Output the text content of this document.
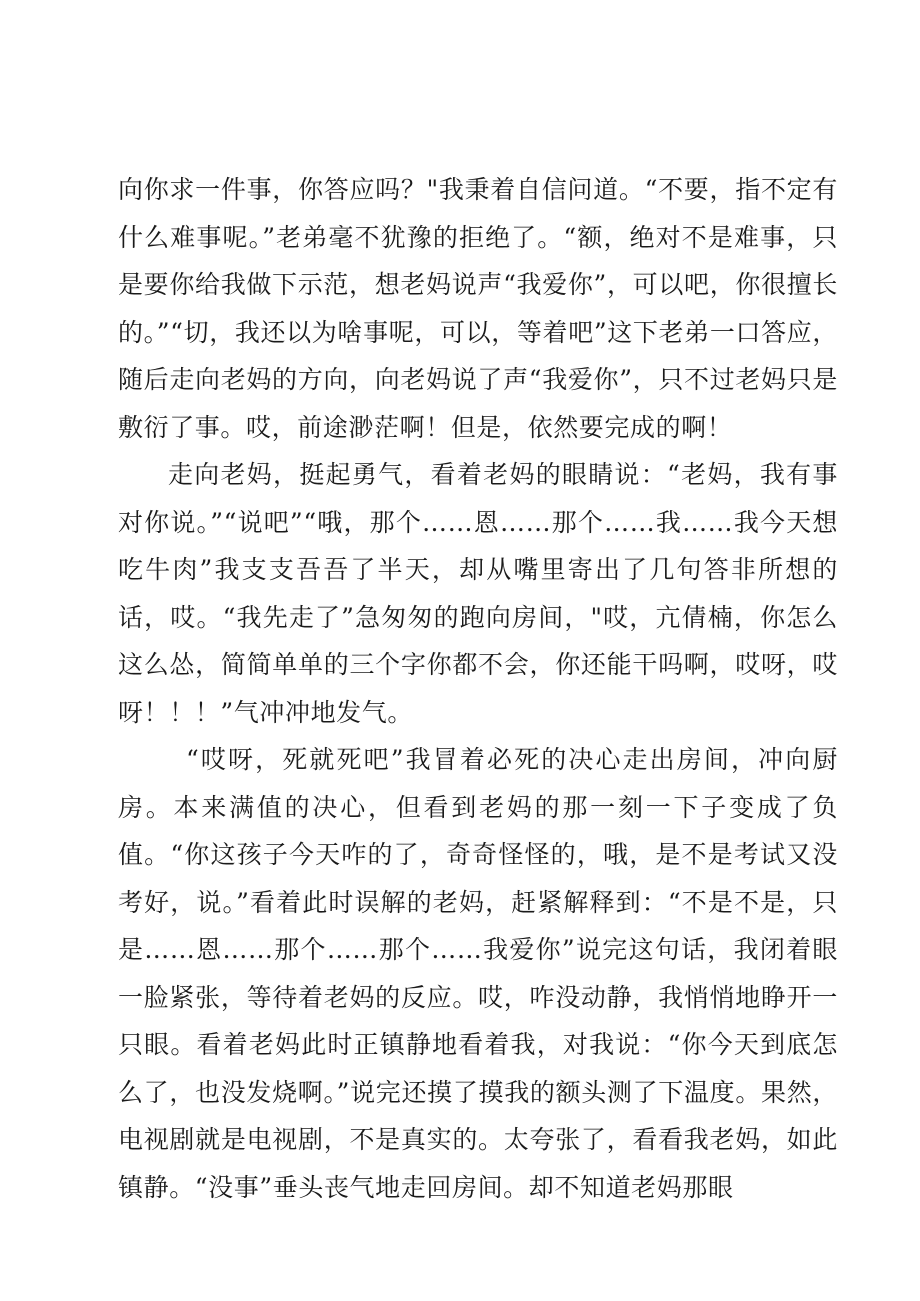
向你求一件事，你答应吗？"我秉着自信问道。“不要，指不定有什么难事呢。”老弟毫不犹豫的拒绝了。“额，绝对不是难事，只是要你给我做下示范，想老妈说声“我爱你”，可以吧，你很擅长的。”“切，我还以为啥事呢，可以，等着吧”这下老弟一口答应，随后走向老妈的方向，向老妈说了声“我爱你”，只不过老妈只是敷衍了事。哎，前途渺茫啊！但是，依然要完成的啊！

走向老妈，挺起勇气，看着老妈的眼睛说：“老妈，我有事对你说。”“说吧”“哦，那个……恩……那个……我……我今天想吃牛肉”我支支吾吾了半天，却从嘴里寄出了几句答非所想的话，哎。“我先走了”急匆匆的跑向房间，"哎，亢倩楠，你怎么这么怂，简简单单的三个字你都不会，你还能干吗啊，哎呀，哎呀！！！”气冲冲地发气。

“哎呀，死就死吧”我冒着必死的决心走出房间，冲向厨房。本来满值的决心，但看到老妈的那一刻一下子变成了负值。“你这孩子今天咋的了，奇奇怪怪的，哦，是不是考试又没考好，说。”看着此时误解的老妈，赶紧解释到：“不是不是，只是……恩……那个……那个……我爱你”说完这句话，我闭着眼一脸紧张，等待着老妈的反应。哎，咋没动静，我悄悄地睁开一只眼。看着老妈此时正镇静地看着我，对我说：“你今天到底怎么了，也没发烧啊。”说完还摸了摸我的额头测了下温度。果然，电视剧就是电视剧，不是真实的。太夸张了，看看我老妈，如此镇静。“没事”垂头丧气地走回房间。却不知道老妈那眼
